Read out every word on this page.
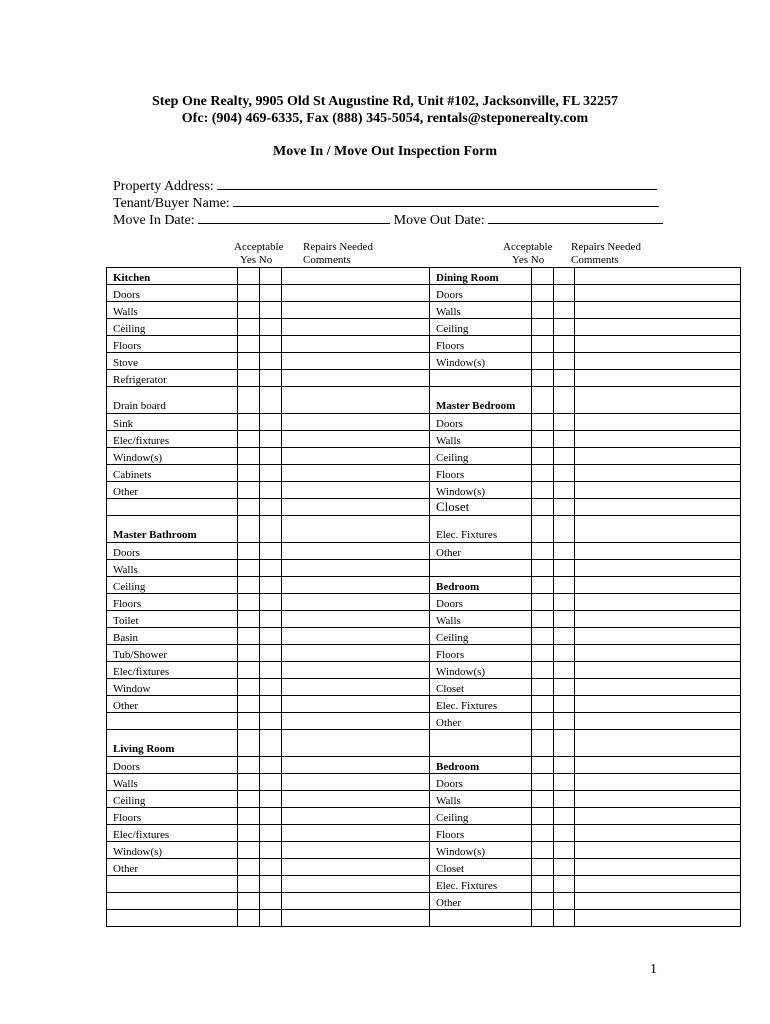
Step One Realty, 9905 Old St Augustine Rd, Unit #102, Jacksonville, FL 32257
Ofc: (904) 469-6335, Fax (888) 345-5054, rentals@steponerealty.com
Move In / Move Out Inspection Form
Property Address:
Tenant/Buyer Name:
Move In Date:	Move Out Date:
Acceptable
Yes No
Repairs Needed
Comments
Acceptable
Yes No
Repairs Needed
Comments
Kitchen				Dining Room			
Doors				Doors			
Walls				Walls			
Ceiling				Ceiling			
Floors				Floors			
Stove				Window(s)			
Refrigerator							
Drain board				Master Bedroom			
Sink				Doors			
Elec/fixtures				Walls			
Window(s)				Ceiling			
Cabinets				Floors			
Other				Window(s)			
				Closet			
Master Bathroom				Elec. Fixtures			
Doors				Other			
Walls							
Ceiling				Bedroom			
Floors				Doors			
Toilet				Walls			
Basin				Ceiling			
Tub/Shower				Floors			
Elec/fixtures				Window(s)			
Window				Closet			
Other				Elec. Fixtures			
				Other			
Living Room							
Doors				Bedroom			
Walls				Doors			
Ceiling				Walls			
Floors				Ceiling			
Elec/fixtures				Floors			
Window(s)				Window(s)			
Other				Closet			
				Elec. Fixtures			
				Other			

1
